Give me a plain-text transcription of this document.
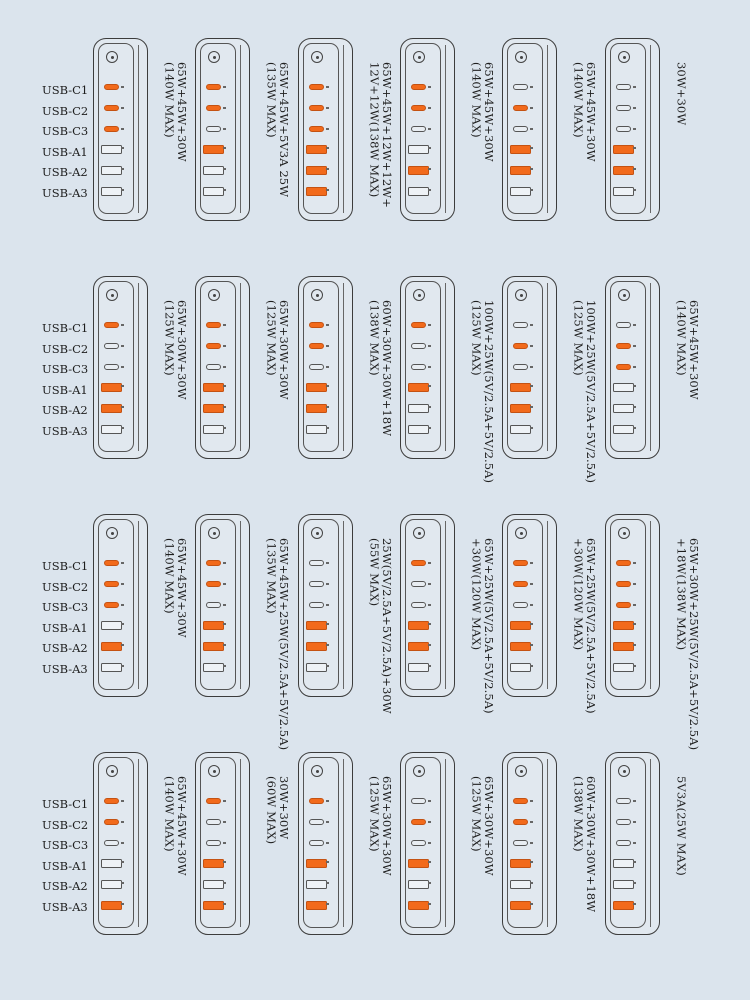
USB-C1
USB-C2
USB-C3
USB-A1
USB-A2
USB-A3
65W+45W+30W
(140W MAX)	65W+45W+5V3A 25W
(135W MAX)	65W+45W+12W+12W+
12V+12W(138W MAX)
65W+45W+30W
(140W MAX)	65W+45W+30W
(140W MAX)	30W+30W
USB-C1
USB-C2
USB-C3
USB-A1
USB-A2
USB-A3
65W+30W+30W
(125W MAX)	65W+30W+30W
(125W MAX)	60W+30W+30W+18W
(138W MAX)	100W+25W(5V/2.5A+5V/2.5A)
(125W MAX)	100W+25W(5V/2.5A+5V/2.5A)
(125W MAX)	65W+45W+30W
(140W MAX)
USB-C1
USB-C2
USB-C3
USB-A1
USB-A2
USB-A3
65W+45W+30W
(140W MAX)	65W+45W+25W(5V/2.5A+5V/2.5A)
(135W MAX)	25W(5V/2.5A+5V/2.5A)+30W
(55W MAX)	65W+25W(5V/2.5A+5V/2.5A)
+30W(120W MAX)	65W+25W(5V/2.5A+5V/2.5A)
+30W(120W MAX)	65W+30W+25W(5V/2.5A+5V/2.5A)
+18W(138W MAX)
USB-C1
USB-C2
USB-C3
USB-A1
USB-A2
USB-A3
65W+45W+30W
(140W MAX)	30W+30W
(60W MAX)	65W+30W+30W
(125W MAX)	65W+30W+30W
(125W MAX)	60W+30W+30W+18W
(138W MAX)	5V3A(25W MAX)
